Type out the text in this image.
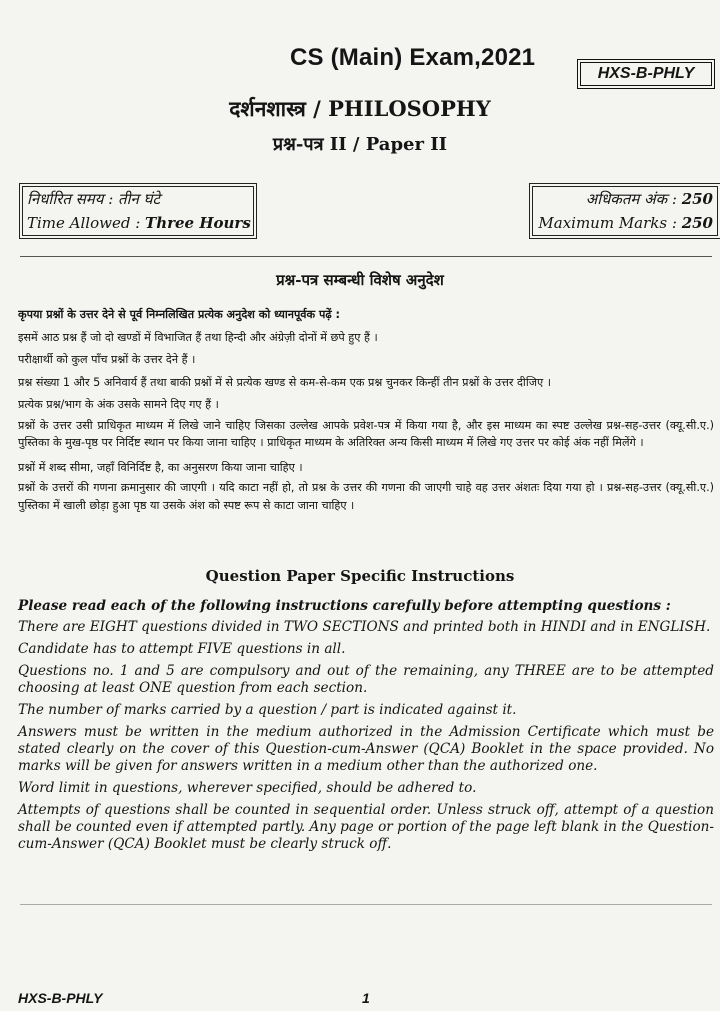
CS (Main) Exam,2021
HXS-B-PHLY
दर्शनशास्त्र / PHILOSOPHY
प्रश्न-पत्र II / Paper II
निर्धारित समय : तीन घंटे
Time Allowed : Three Hours
अधिकतम अंक : 250
Maximum Marks : 250
प्रश्न-पत्र सम्बन्धी विशेष अनुदेश

कृपया प्रश्नों के उत्तर देने से पूर्व निम्नलिखित प्रत्येक अनुदेश को ध्यानपूर्वक पढ़ें :

इसमें आठ प्रश्न हैं जो दो खण्डों में विभाजित हैं तथा हिन्दी और अंग्रेज़ी दोनों में छपे हुए हैं ।

परीक्षार्थी को कुल पाँच प्रश्नों के उत्तर देने हैं ।

प्रश्न संख्या 1 और 5 अनिवार्य हैं तथा बाकी प्रश्नों में से प्रत्येक खण्ड से कम-से-कम एक प्रश्न चुनकर किन्हीं तीन प्रश्नों के उत्तर दीजिए ।

प्रत्येक प्रश्न/भाग के अंक उसके सामने दिए गए हैं ।

प्रश्नों के उत्तर उसी प्राधिकृत माध्यम में लिखे जाने चाहिए जिसका उल्लेख आपके प्रवेश-पत्र में किया गया है, और इस माध्यम का स्पष्ट उल्लेख प्रश्न-सह-उत्तर (क्यू.सी.ए.) पुस्तिका के मुख-पृष्ठ पर निर्दिष्ट स्थान पर किया जाना चाहिए । प्राधिकृत माध्यम के अतिरिक्त अन्य किसी माध्यम में लिखे गए उत्तर पर कोई अंक नहीं मिलेंगे ।

प्रश्नों में शब्द सीमा, जहाँ विनिर्दिष्ट है, का अनुसरण किया जाना चाहिए ।

प्रश्नों के उत्तरों की गणना क्रमानुसार की जाएगी । यदि काटा नहीं हो, तो प्रश्न के उत्तर की गणना की जाएगी चाहे वह उत्तर अंशतः दिया गया हो । प्रश्न-सह-उत्तर (क्यू.सी.ए.) पुस्तिका में खाली छोड़ा हुआ पृष्ठ या उसके अंश को स्पष्ट रूप से काटा जाना चाहिए ।

Question Paper Specific Instructions

Please read each of the following instructions carefully before attempting questions :

There are EIGHT questions divided in TWO SECTIONS and printed both in HINDI and in ENGLISH.

Candidate has to attempt FIVE questions in all.

Questions no. 1 and 5 are compulsory and out of the remaining, any THREE are to be attempted choosing at least ONE question from each section.

The number of marks carried by a question / part is indicated against it.

Answers must be written in the medium authorized in the Admission Certificate which must be stated clearly on the cover of this Question-cum-Answer (QCA) Booklet in the space provided. No marks will be given for answers written in a medium other than the authorized one.

Word limit in questions, wherever specified, should be adhered to.

Attempts of questions shall be counted in sequential order. Unless struck off, attempt of a question shall be counted even if attempted partly. Any page or portion of the page left blank in the Question-cum-Answer (QCA) Booklet must be clearly struck off.

HXS-B-PHLY	1
